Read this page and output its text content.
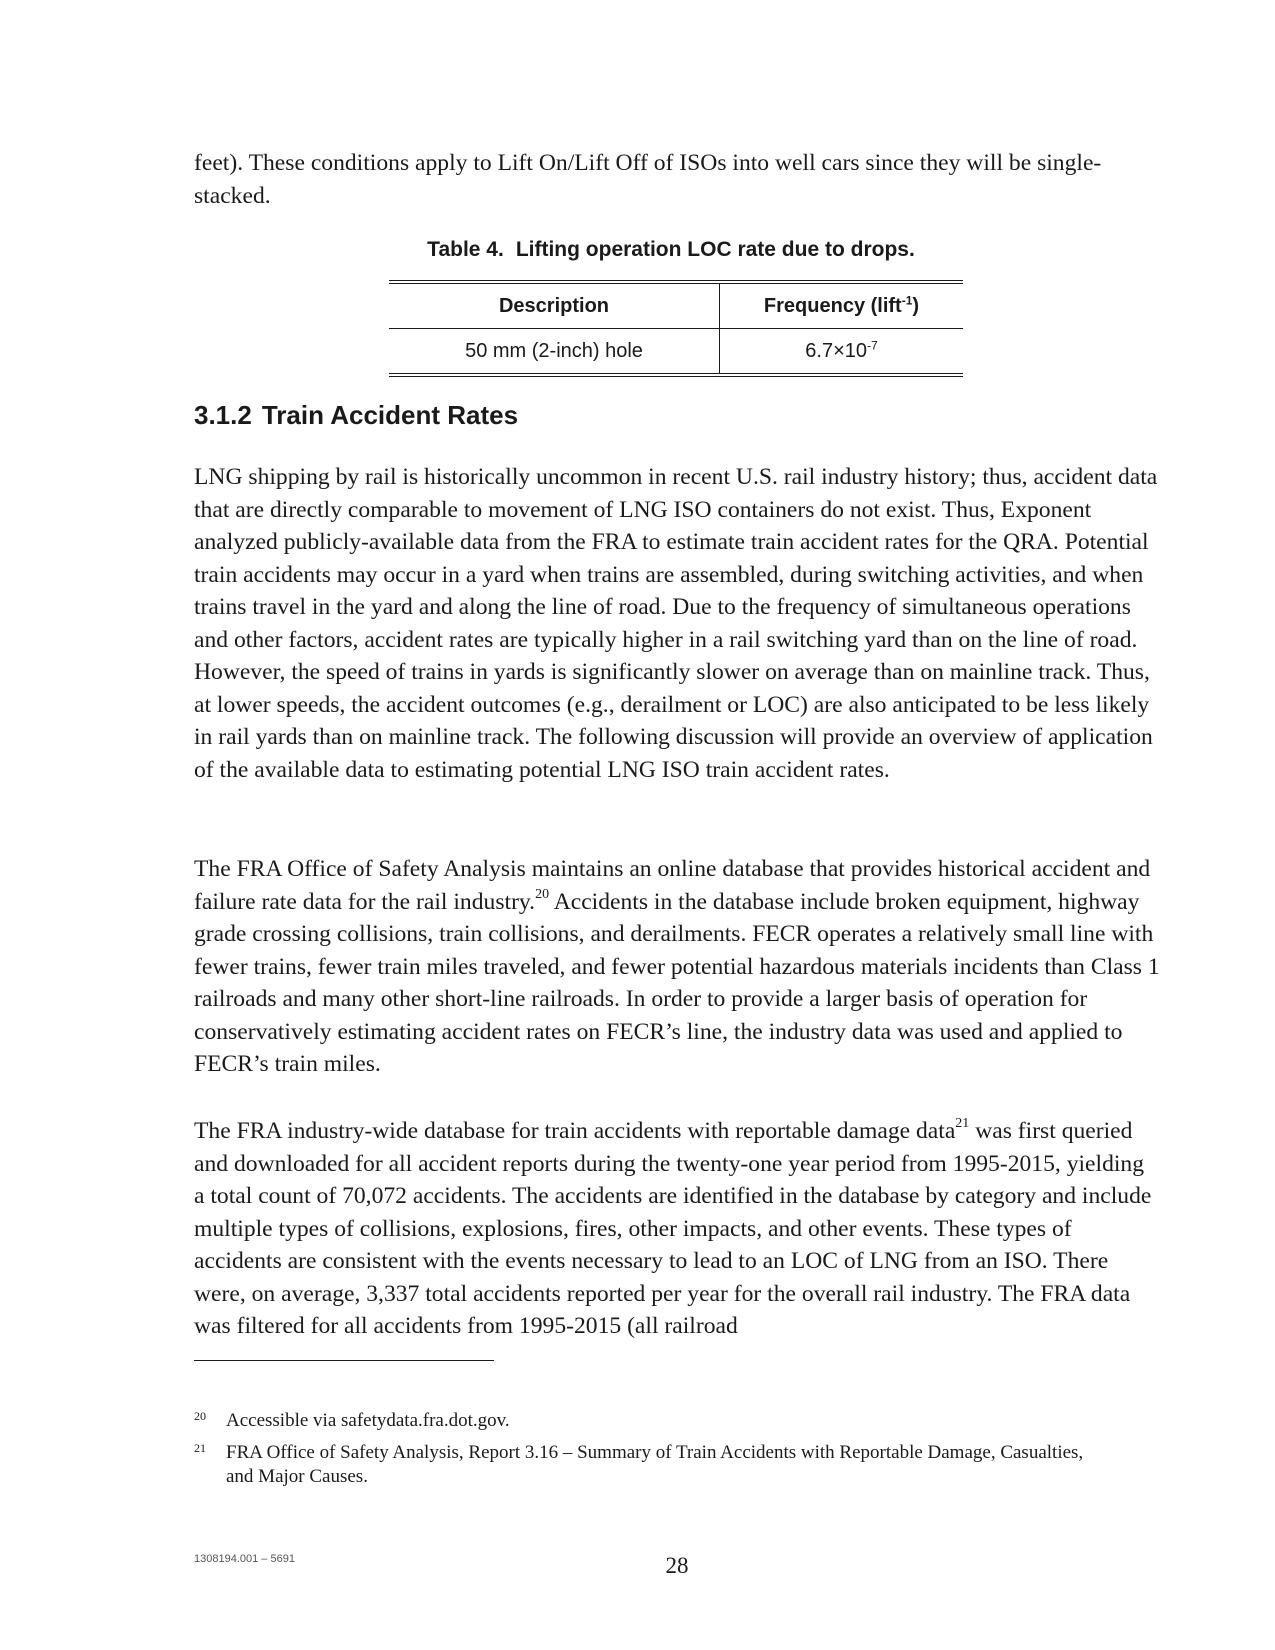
feet). These conditions apply to Lift On/Lift Off of ISOs into well cars since they will be single-stacked.

Table 4. Lifting operation LOC rate due to drops.

Description	Frequency (lift$^{-1}$)
50 mm (2-inch) hole	$6.7\times 10^{-7}$
3.1.2 Train Accident Rates

LNG shipping by rail is historically uncommon in recent U.S. rail industry history; thus, accident data that are directly comparable to movement of LNG ISO containers do not exist. Thus, Exponent analyzed publicly-available data from the FRA to estimate train accident rates for the QRA. Potential train accidents may occur in a yard when trains are assembled, during switching activities, and when trains travel in the yard and along the line of road. Due to the frequency of simultaneous operations and other factors, accident rates are typically higher in a rail switching yard than on the line of road. However, the speed of trains in yards is significantly slower on average than on mainline track. Thus, at lower speeds, the accident outcomes (e.g., derailment or LOC) are also anticipated to be less likely in rail yards than on mainline track. The following discussion will provide an overview of application of the available data to estimating potential LNG ISO train accident rates.

The FRA Office of Safety Analysis maintains an online database that provides historical accident and failure rate data for the rail industry.$^{20}$ Accidents in the database include broken equipment, highway grade crossing collisions, train collisions, and derailments. FECR operates a relatively small line with fewer trains, fewer train miles traveled, and fewer potential hazardous materials incidents than Class 1 railroads and many other short-line railroads. In order to provide a larger basis of operation for conservatively estimating accident rates on FECR’s line, the industry data was used and applied to FECR’s train miles.

The FRA industry-wide database for train accidents with reportable damage data$^{21}$ was first queried and downloaded for all accident reports during the twenty-one year period from 1995-2015, yielding a total count of 70,072 accidents. The accidents are identified in the database by category and include multiple types of collisions, explosions, fires, other impacts, and other events. These types of accidents are consistent with the events necessary to lead to an LOC of LNG from an ISO. There were, on average, 3,337 total accidents reported per year for the overall rail industry. The FRA data was filtered for all accidents from 1995-2015 (all railroad

20 Accessible via safetydata.fra.dot.gov.

21 FRA Office of Safety Analysis, Report 3.16 – Summary of Train Accidents with Reportable Damage, Casualties, and Major Causes.

1308194.001 – 5691	28
